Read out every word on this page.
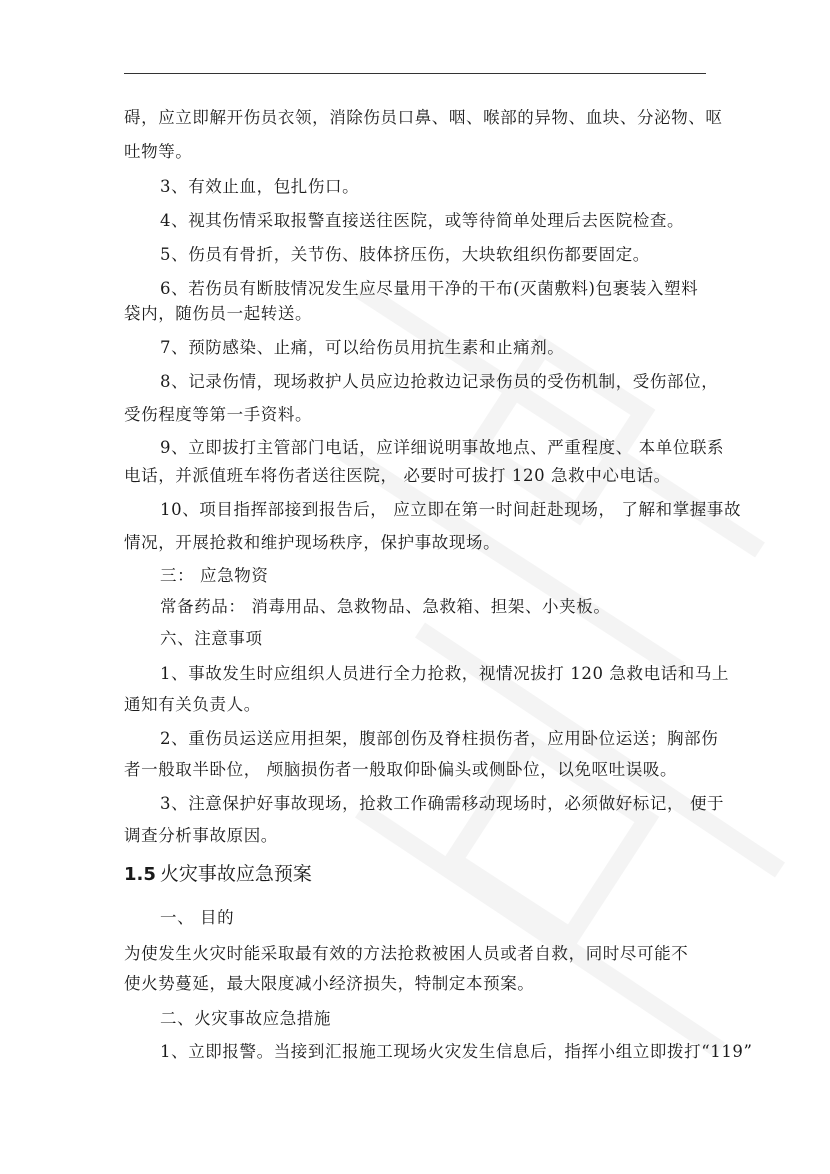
碍，应立即解开伤员衣领，消除伤员口鼻、咽、喉部的异物、血块、分泌物、呕
吐物等。
3、有效止血，包扎伤口。
4、视其伤情采取报警直接送往医院，或等待简单处理后去医院检查。
5、伤员有骨折，关节伤、肢体挤压伤，大块软组织伤都要固定。
6、若伤员有断肢情况发生应尽量用干净的干布(灭菌敷料)包裹装入塑料
袋内，随伤员一起转送。
7、预防感染、止痛，可以给伤员用抗生素和止痛剂。
8、记录伤情，现场救护人员应边抢救边记录伤员的受伤机制，受伤部位，
受伤程度等第一手资料。
9、立即拔打主管部门电话，应详细说明事故地点、严重程度、 本单位联系
电话，并派值班车将伤者送往医院， 必要时可拔打 120 急救中心电话。
10、项目指挥部接到报告后， 应立即在第一时间赶赴现场， 了解和掌握事故
情况，开展抢救和维护现场秩序，保护事故现场。
三： 应急物资
常备药品： 消毒用品、急救物品、急救箱、担架、小夹板。
六、注意事项
1、事故发生时应组织人员进行全力抢救，视情况拔打 120 急救电话和马上
通知有关负责人。
2、重伤员运送应用担架，腹部创伤及脊柱损伤者，应用卧位运送；胸部伤
者一般取半卧位， 颅脑损伤者一般取仰卧偏头或侧卧位，以免呕吐误吸。
3、注意保护好事故现场，抢救工作确需移动现场时，必须做好标记， 便于
调查分析事故原因。
1.5 火灾事故应急预案
一、 目的
为使发生火灾时能采取最有效的方法抢救被困人员或者自救，同时尽可能不
使火势蔓延，最大限度减小经济损失，特制定本预案。
二、火灾事故应急措施
1、立即报警。当接到汇报施工现场火灾发生信息后，指挥小组立即拨打“119”
